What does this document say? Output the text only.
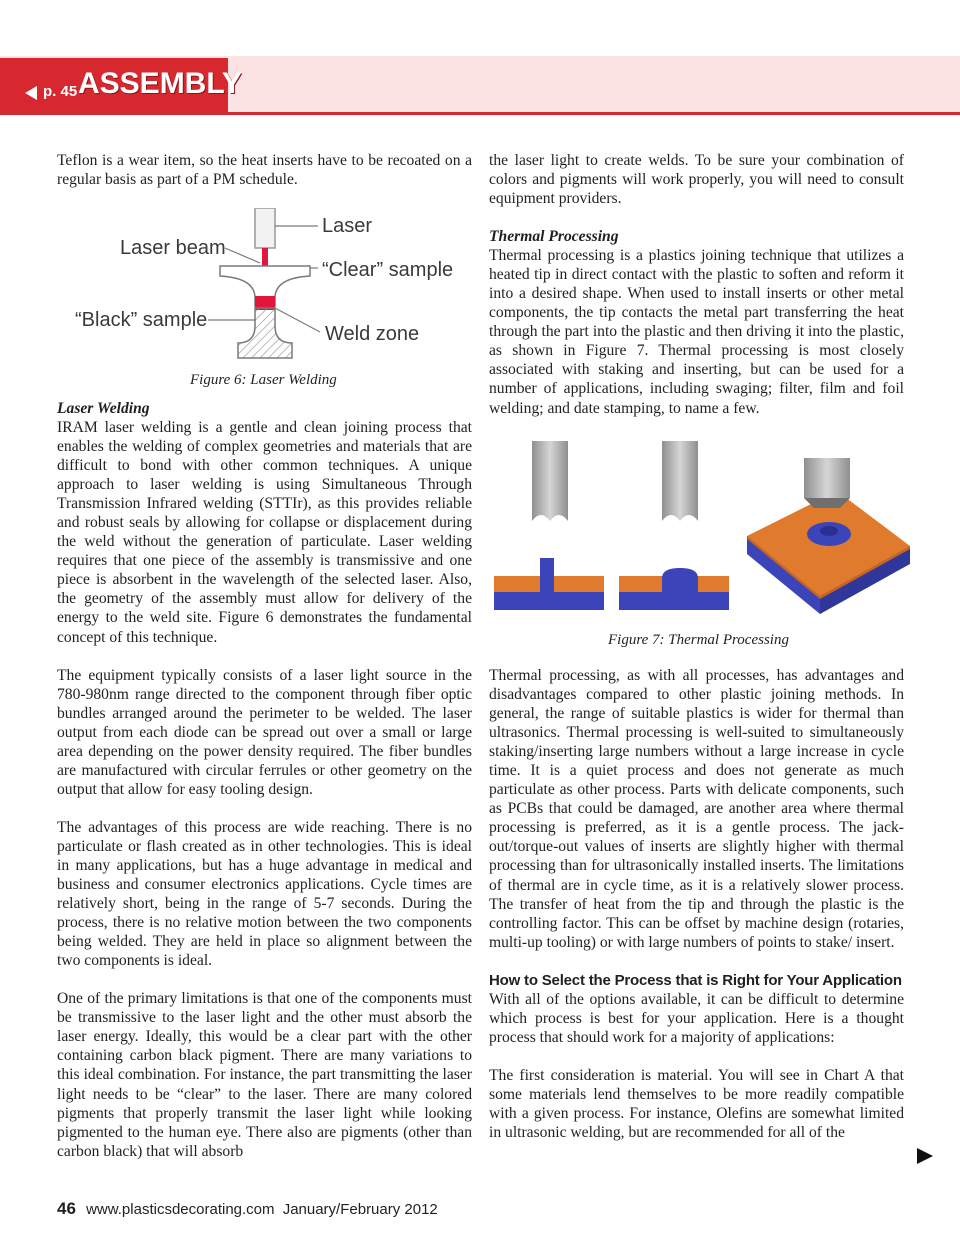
p. 45 ASSEMBLY

Teflon is a wear item, so the heat inserts have to be recoated on a regular basis as part of a PM schedule.

Laser
Laser beam
“Clear” sample
“Black” sample
Weld zone
Figure 6: Laser Welding

Laser Welding

IRAM laser welding is a gentle and clean joining process that enables the welding of complex geometries and materials that are difficult to bond with other common techniques. A unique approach to laser welding is using Simultaneous Through Transmission Infrared welding (STTIr), as this provides reliable and robust seals by allowing for collapse or displacement during the weld without the generation of particulate. Laser welding requires that one piece of the assembly is transmissive and one piece is absorbent in the wavelength of the selected laser. Also, the geometry of the assembly must allow for delivery of the energy to the weld site. Figure 6 demonstrates the fundamental concept of this technique.

The equipment typically consists of a laser light source in the 780-980nm range directed to the component through fiber optic bundles arranged around the perimeter to be welded. The laser output from each diode can be spread out over a small or large area depending on the power density required. The fiber bundles are manufactured with circular ferrules or other geometry on the output that allow for easy tooling design.

The advantages of this process are wide reaching. There is no particulate or flash created as in other technologies. This is ideal in many applications, but has a huge advantage in medical and business and consumer electronics applications. Cycle times are relatively short, being in the range of 5-7 seconds. During the process, there is no relative motion between the two components being welded. They are held in place so alignment between the two components is ideal.

One of the primary limitations is that one of the components must be transmissive to the laser light and the other must absorb the laser energy. Ideally, this would be a clear part with the other containing carbon black pigment. There are many variations to this ideal combination. For instance, the part transmitting the laser light needs to be “clear” to the laser. There are many colored pigments that properly transmit the laser light while looking pigmented to the human eye. There also are pigments (other than carbon black) that will absorb

the laser light to create welds. To be sure your combination of colors and pigments will work properly, you will need to consult equipment providers.

Thermal Processing

Thermal processing is a plastics joining technique that utilizes a heated tip in direct contact with the plastic to soften and reform it into a desired shape. When used to install inserts or other metal components, the tip contacts the metal part transferring the heat through the part into the plastic and then driving it into the plastic, as shown in Figure 7. Thermal processing is most closely associated with staking and inserting, but can be used for a number of applications, including swaging; filter, film and foil welding; and date stamping, to name a few.

Figure 7: Thermal Processing

Thermal processing, as with all processes, has advantages and disadvantages compared to other plastic joining methods. In general, the range of suitable plastics is wider for thermal than ultrasonics. Thermal processing is well-suited to simultaneously staking/inserting large numbers without a large increase in cycle time. It is a quiet process and does not generate as much particulate as other process. Parts with delicate components, such as PCBs that could be damaged, are another area where thermal processing is preferred, as it is a gentle process. The jack-out/torque-out values of inserts are slightly higher with thermal processing than for ultrasonically installed inserts. The limitations of thermal are in cycle time, as it is a relatively slower process. The transfer of heat from the tip and through the plastic is the controlling factor. This can be offset by machine design (rotaries, multi-up tooling) or with large numbers of points to stake/ insert.

How to Select the Process that is Right for Your Application

With all of the options available, it can be difficult to determine which process is best for your application. Here is a thought process that should work for a majority of applications:

The first consideration is material. You will see in Chart A that some materials lend themselves to be more readily compatible with a given process. For instance, Olefins are somewhat limited in ultrasonic welding, but are recommended for all of the

46 www.plasticsdecorating.com January/February 2012
